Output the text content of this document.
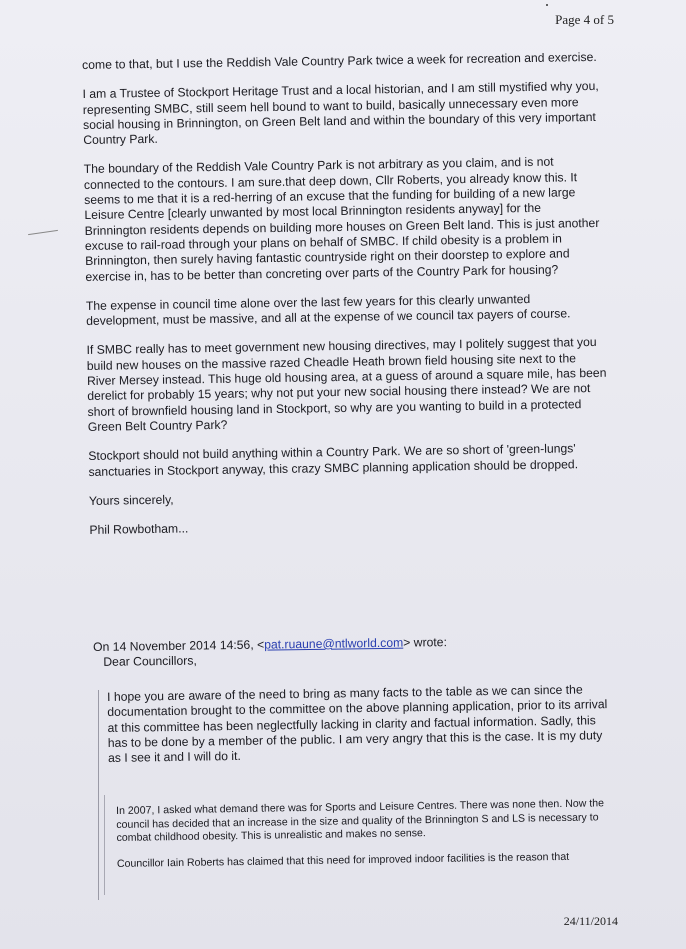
Page 4 of 5

come to that, but I use the Reddish Vale Country Park twice a week for recreation and exercise.

I am a Trustee of Stockport Heritage Trust and a local historian, and I am still mystified why you, representing SMBC, still seem hell bound to want to build, basically unnecessary even more social housing in Brinnington, on Green Belt land and within the boundary of this very important Country Park.

The boundary of the Reddish Vale Country Park is not arbitrary as you claim, and is not connected to the contours. I am sure.that deep down, Cllr Roberts, you already know this. It seems to me that it is a red-herring of an excuse that the funding for building of a new large Leisure Centre [clearly unwanted by most local Brinnington residents anyway] for the Brinnington residents depends on building more houses on Green Belt land. This is just another excuse to rail-road through your plans on behalf of SMBC. If child obesity is a problem in Brinnington, then surely having fantastic countryside right on their doorstep to explore and exercise in, has to be better than concreting over parts of the Country Park for housing?

The expense in council time alone over the last few years for this clearly unwanted development, must be massive, and all at the expense of we council tax payers of course.

If SMBC really has to meet government new housing directives, may I politely suggest that you build new houses on the massive razed Cheadle Heath brown field housing site next to the River Mersey instead. This huge old housing area, at a guess of around a square mile, has been derelict for probably 15 years; why not put your new social housing there instead? We are not short of brownfield housing land in Stockport, so why are you wanting to build in a protected Green Belt Country Park?

Stockport should not build anything within a Country Park. We are so short of 'green-lungs' sanctuaries in Stockport anyway, this crazy SMBC planning application should be dropped.

Yours sincerely,

Phil Rowbotham...

On 14 November 2014 14:56, <pat.ruaune@ntlworld.com> wrote:

Dear Councillors,

I hope you are aware of the need to bring as many facts to the table as we can since the documentation brought to the committee on the above planning application, prior to its arrival at this committee has been neglectfully lacking in clarity and factual information. Sadly, this has to be done by a member of the public. I am very angry that this is the case. It is my duty as I see it and I will do it.

In 2007, I asked what demand there was for Sports and Leisure Centres. There was none then. Now the council has decided that an increase in the size and quality of the Brinnington S and LS is necessary to combat childhood obesity. This is unrealistic and makes no sense.

Councillor Iain Roberts has claimed that this need for improved indoor facilities is the reason that

24/11/2014
